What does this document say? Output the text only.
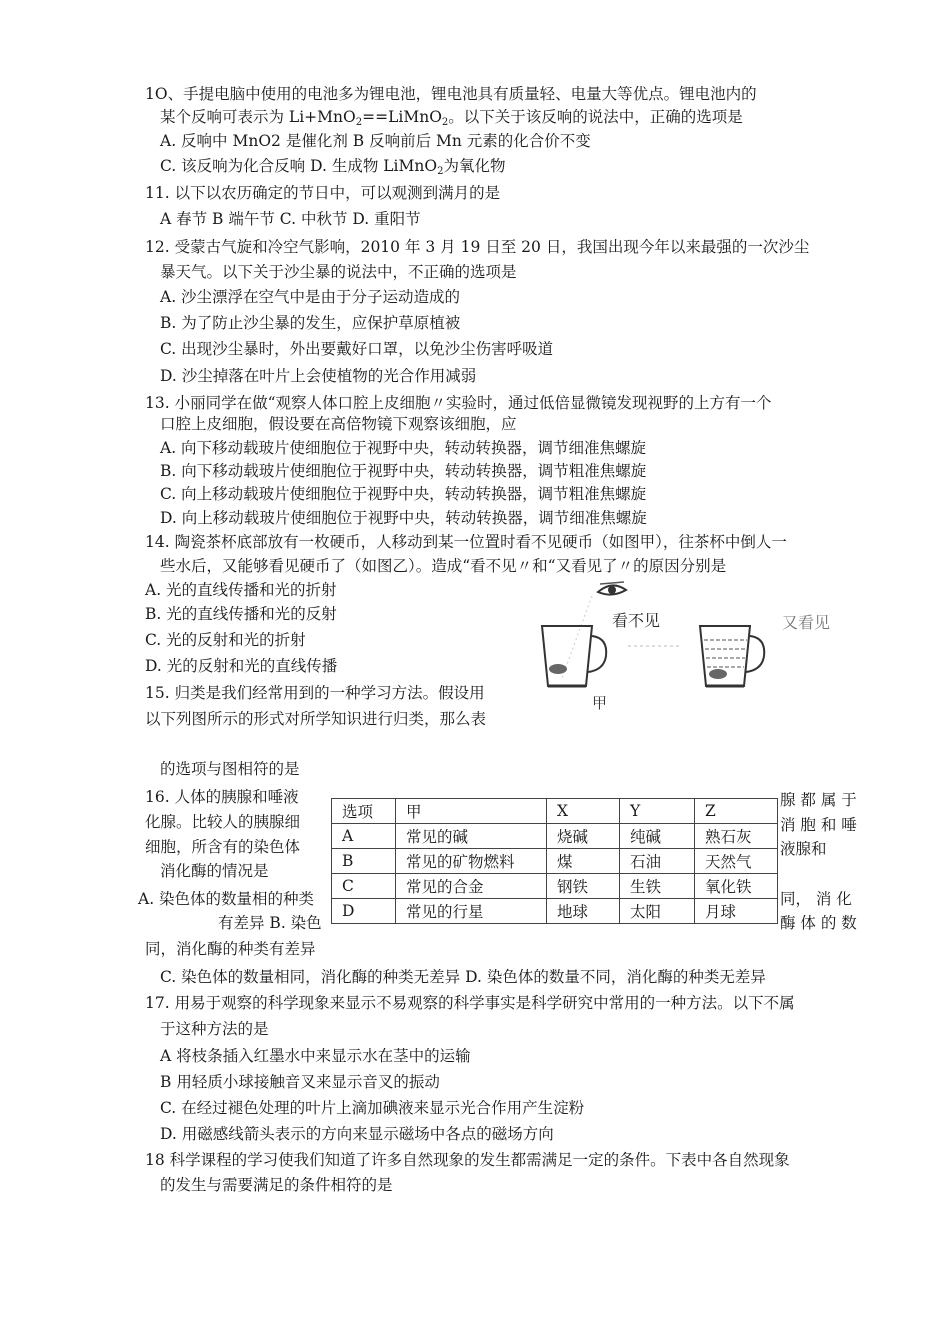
1O、手提电脑中使用的电池多为锂电池，锂电池具有质量轻、电量大等优点。锂电池内的
某个反响可表示为 Li+MnO$_2$==LiMnO$_2$。以下关于该反响的说法中，正确的选项是
A. 反响中 MnO2 是催化剂 B 反响前后 Mn 元素的化合价不变
C. 该反响为化合反响 D. 生成物 LiMnO$_2$为氧化物
11. 以下以农历确定的节日中，可以观测到满月的是
A 春节 B 端午节 C. 中秋节 D. 重阳节
12. 受蒙古气旋和冷空气影响，2010 年 3 月 19 日至 20 日，我国出现今年以来最强的一次沙尘
暴天气。以下关于沙尘暴的说法中，不正确的选项是
A. 沙尘漂浮在空气中是由于分子运动造成的
B. 为了防止沙尘暴的发生，应保护草原植被
C. 出现沙尘暴时，外出要戴好口罩，以免沙尘伤害呼吸道
D. 沙尘掉落在叶片上会使植物的光合作用减弱
13. 小丽同学在做“观察人体口腔上皮细胞〃实验时，通过低倍显微镜发现视野的上方有一个
口腔上皮细胞，假设要在高倍物镜下观察该细胞，应
A. 向下移动载玻片使细胞位于视野中央，转动转换器，调节细准焦螺旋
B. 向下移动载玻片使细胞位于视野中央，转动转换器，调节粗准焦螺旋
C. 向上移动载玻片使细胞位于视野中央，转动转换器，调节粗准焦螺旋
D. 向上移动载玻片使细胞位于视野中央，转动转换器，调节细准焦螺旋
14. 陶瓷茶杯底部放有一枚硬币，人移动到某一位置时看不见硬币（如图甲），往茶杯中倒人一
些水后，又能够看见硬币了（如图乙）。造成“看不见〃和“又看见了〃的原因分别是
A. 光的直线传播和光的折射
B. 光的直线传播和光的反射
C. 光的反射和光的折射
D. 光的反射和光的直线传播
看不见	又看见
甲
15. 归类是我们经常用到的一种学习方法。假设用
以下列图所示的形式对所学知识进行归类，那么表
的选项与图相符的是
16. 人体的胰腺和唾液
化腺。比较人的胰腺细
细胞，所含有的染色体
消化酶的情况是
A. 染色体的数量相的种类
有差异 B. 染色
同，消化酶的种类有差异
腺 都 属 于
消 胞 和 唾
液腺和
同， 消 化
酶 体 的 数
选项	甲	X	Y	Z
A	常见的碱	烧碱	纯碱	熟石灰
B	常见的矿物燃料	煤	石油	天然气
C	常见的合金	钢铁	生铁	氧化铁
D	常见的行星	地球	太阳	月球
C. 染色体的数量相同，消化酶的种类无差异 D. 染色体的数量不同，消化酶的种类无差异
17. 用易于观察的科学现象来显示不易观察的科学事实是科学研究中常用的一种方法。以下不属
于这种方法的是
A 将枝条插入红墨水中来显示水在茎中的运输
B 用轻质小球接触音叉来显示音叉的振动
C. 在经过褪色处理的叶片上滴加碘液来显示光合作用产生淀粉
D. 用磁感线箭头表示的方向来显示磁场中各点的磁场方向
18 科学课程的学习使我们知道了许多自然现象的发生都需满足一定的条件。下表中各自然现象
的发生与需要满足的条件相符的是
